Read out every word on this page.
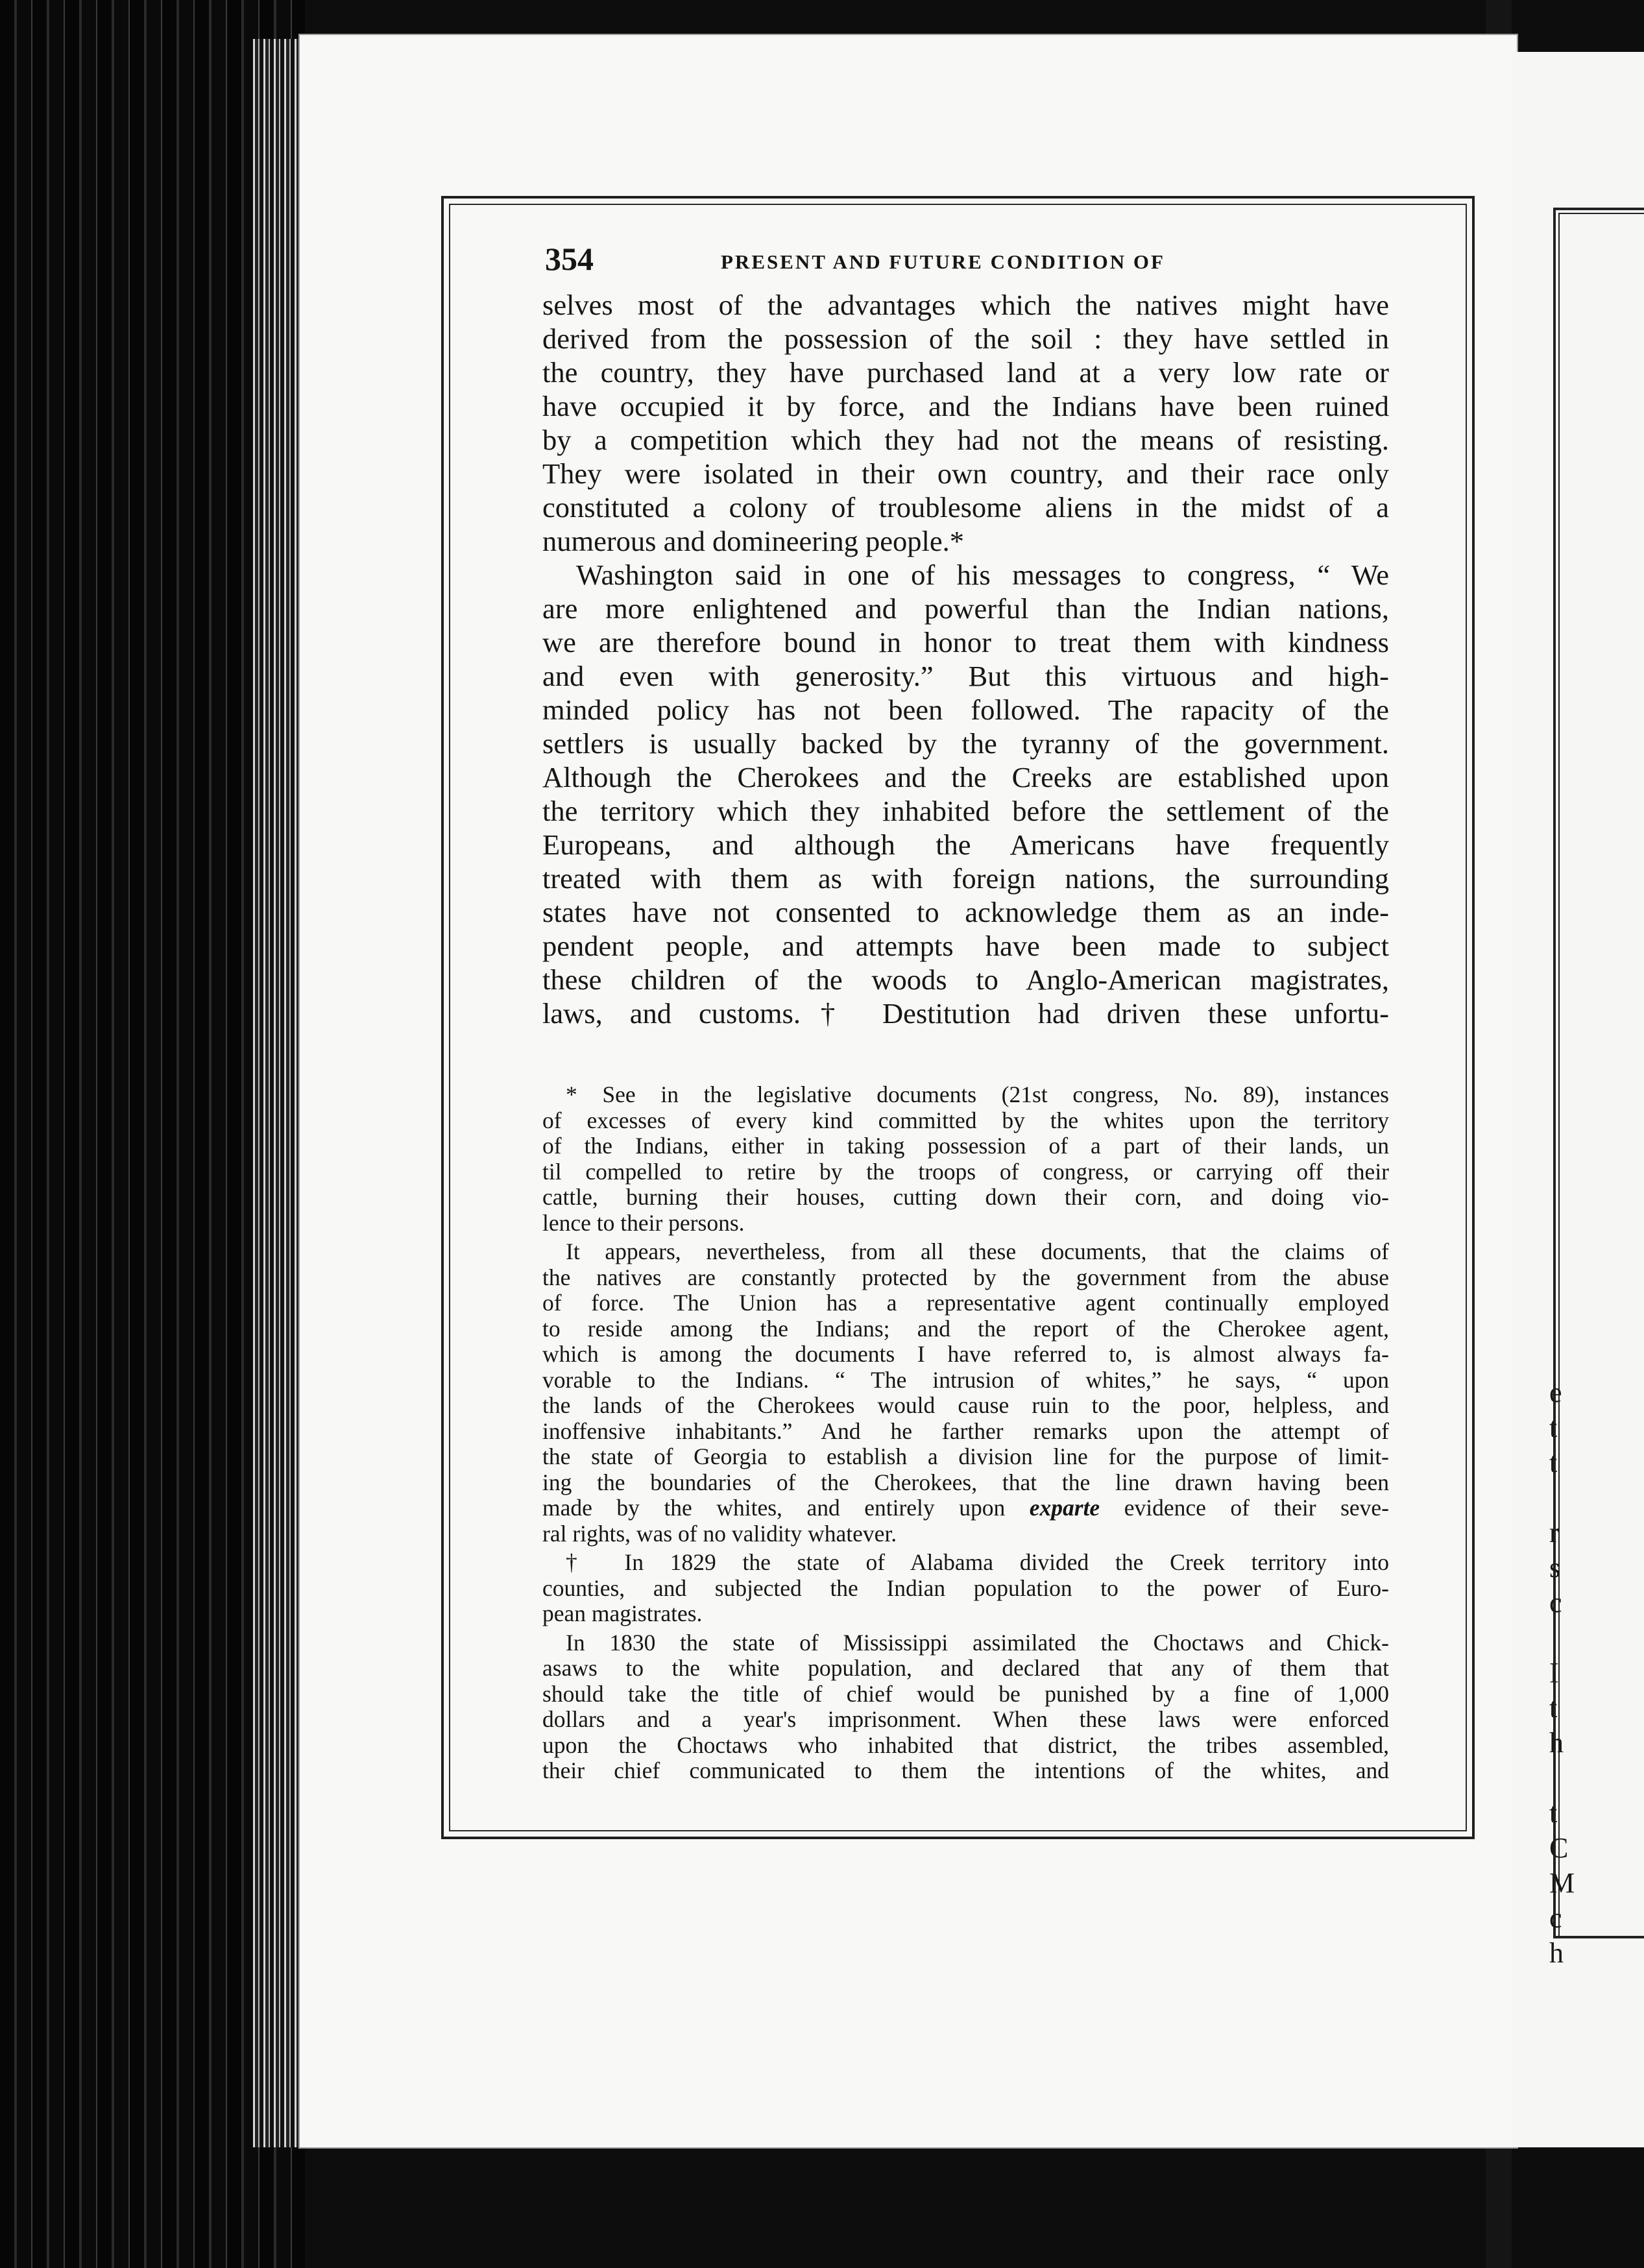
e
t
t
r
s
c
I
t
h
t
C
M
c
h
354	PRESENT AND FUTURE CONDITION OF
selves most of the advantages which the natives might have
derived from the possession of the soil : they have settled in
the country, they have purchased land at a very low rate or
have occupied it by force, and the Indians have been ruined
by a competition which they had not the means of resisting.
They were isolated in their own country, and their race only
constituted a colony of troublesome aliens in the midst of a
numerous and domineering people.*
Washington said in one of his messages to congress, “ We
are more enlightened and powerful than the Indian nations,
we are therefore bound in honor to treat them with kindness
and even with generosity.” But this virtuous and high-
minded policy has not been followed. The rapacity of the
settlers is usually backed by the tyranny of the government.
Although the Cherokees and the Creeks are established upon
the territory which they inhabited before the settlement of the
Europeans, and although the Americans have frequently
treated with them as with foreign nations, the surrounding
states have not consented to acknowledge them as an inde-
pendent people, and attempts have been made to subject
these children of the woods to Anglo-American magistrates,
laws, and customs.† Destitution had driven these unfortu-
* See in the legislative documents (21st congress, No. 89), instances
of excesses of every kind committed by the whites upon the territory
of the Indians, either in taking possession of a part of their lands, un
til compelled to retire by the troops of congress, or carrying off their
cattle, burning their houses, cutting down their corn, and doing vio-
lence to their persons.
It appears, nevertheless, from all these documents, that the claims of
the natives are constantly protected by the government from the abuse
of force. The Union has a representative agent continually employed
to reside among the Indians; and the report of the Cherokee agent,
which is among the documents I have referred to, is almost always fa-
vorable to the Indians. “ The intrusion of whites,” he says, “ upon
the lands of the Cherokees would cause ruin to the poor, helpless, and
inoffensive inhabitants.” And he farther remarks upon the attempt of
the state of Georgia to establish a division line for the purpose of limit-
ing the boundaries of the Cherokees, that the line drawn having been
made by the whites, and entirely upon exparte evidence of their seve-
ral rights, was of no validity whatever.
† In 1829 the state of Alabama divided the Creek territory into
counties, and subjected the Indian population to the power of Euro-
pean magistrates.
In 1830 the state of Mississippi assimilated the Choctaws and Chick-
asaws to the white population, and declared that any of them that
should take the title of chief would be punished by a fine of 1,000
dollars and a year's imprisonment. When these laws were enforced
upon the Choctaws who inhabited that district, the tribes assembled,
their chief communicated to them the intentions of the whites, and
